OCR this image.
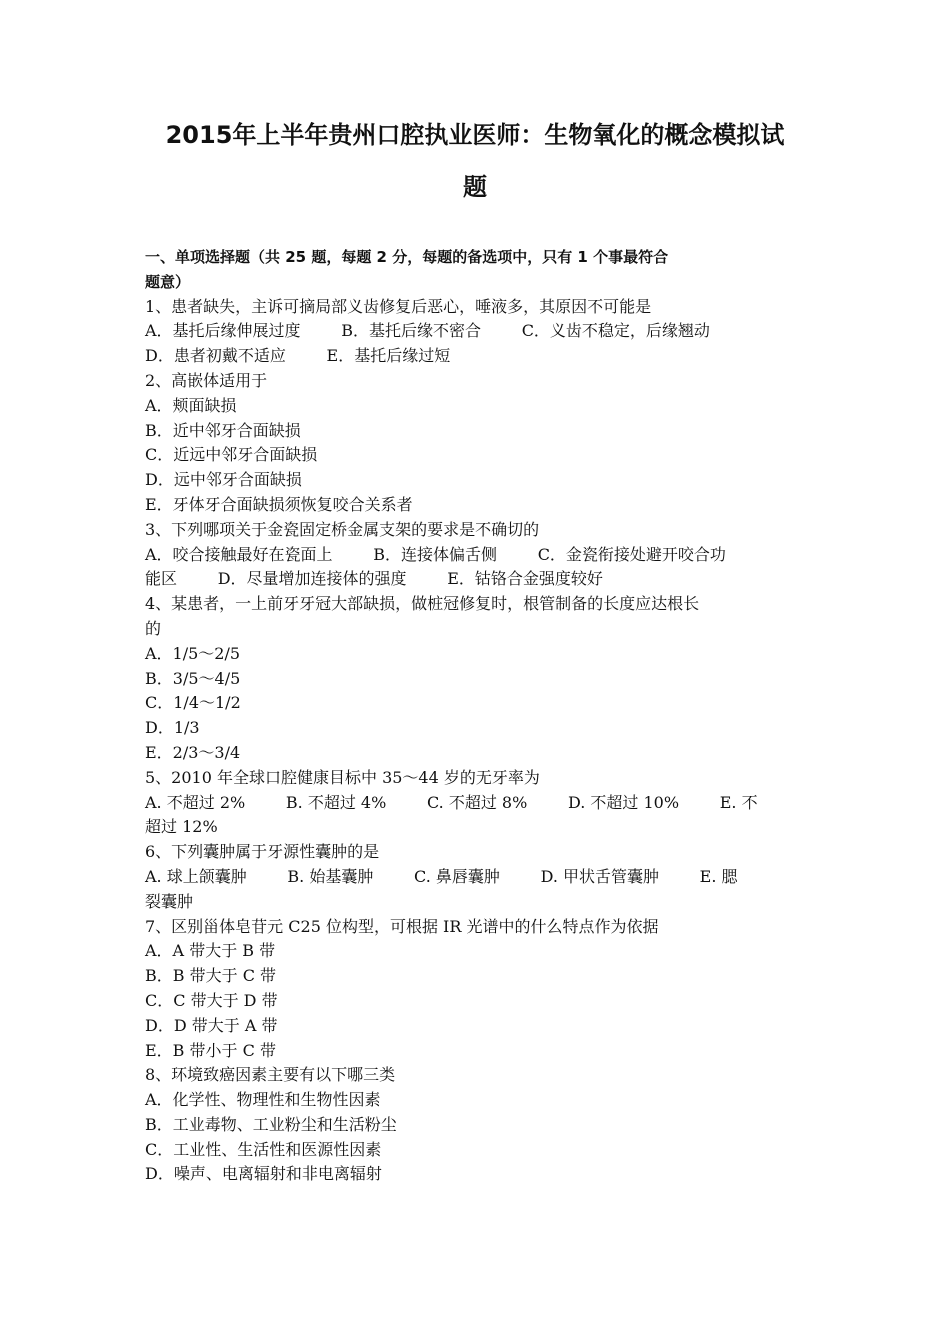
2015年上半年贵州口腔执业医师：生物氧化的概念模拟试
题
一、单项选择题（共 25 题，每题 2 分，每题的备选项中，只有 1 个事最符合
题意）
1、患者缺失，主诉可摘局部义齿修复后恶心，唾液多，其原因不可能是
A．基托后缘伸展过度        B．基托后缘不密合        C．义齿不稳定，后缘翘动
D．患者初戴不适应        E．基托后缘过短
2、高嵌体适用于
A．颊面缺损
B．近中邻牙合面缺损
C．近远中邻牙合面缺损
D．远中邻牙合面缺损
E．牙体牙合面缺损须恢复咬合关系者
3、下列哪项关于金瓷固定桥金属支架的要求是不确切的
A．咬合接触最好在瓷面上        B．连接体偏舌侧        C．金瓷衔接处避开咬合功
能区        D．尽量增加连接体的强度        E．钴铬合金强度较好
4、某患者，一上前牙牙冠大部缺损，做桩冠修复时，根管制备的长度应达根长
的
A．1/5～2/5
B．3/5～4/5
C．1/4～1/2
D．1/3
E．2/3～3/4
5、2010 年全球口腔健康目标中 35～44 岁的无牙率为
A. 不超过 2%        B. 不超过 4%        C. 不超过 8%        D. 不超过 10%        E. 不
超过 12%
6、下列囊肿属于牙源性囊肿的是
A. 球上颌囊肿        B. 始基囊肿        C. 鼻唇囊肿        D. 甲状舌管囊肿        E. 腮
裂囊肿
7、区别甾体皂苷元 C25 位构型，可根据 IR 光谱中的什么特点作为依据
A．A 带大于 B 带
B．B 带大于 C 带
C．C 带大于 D 带
D．D 带大于 A 带
E．B 带小于 C 带
8、环境致癌因素主要有以下哪三类
A．化学性、物理性和生物性因素
B．工业毒物、工业粉尘和生活粉尘
C．工业性、生活性和医源性因素
D．噪声、电离辐射和非电离辐射
